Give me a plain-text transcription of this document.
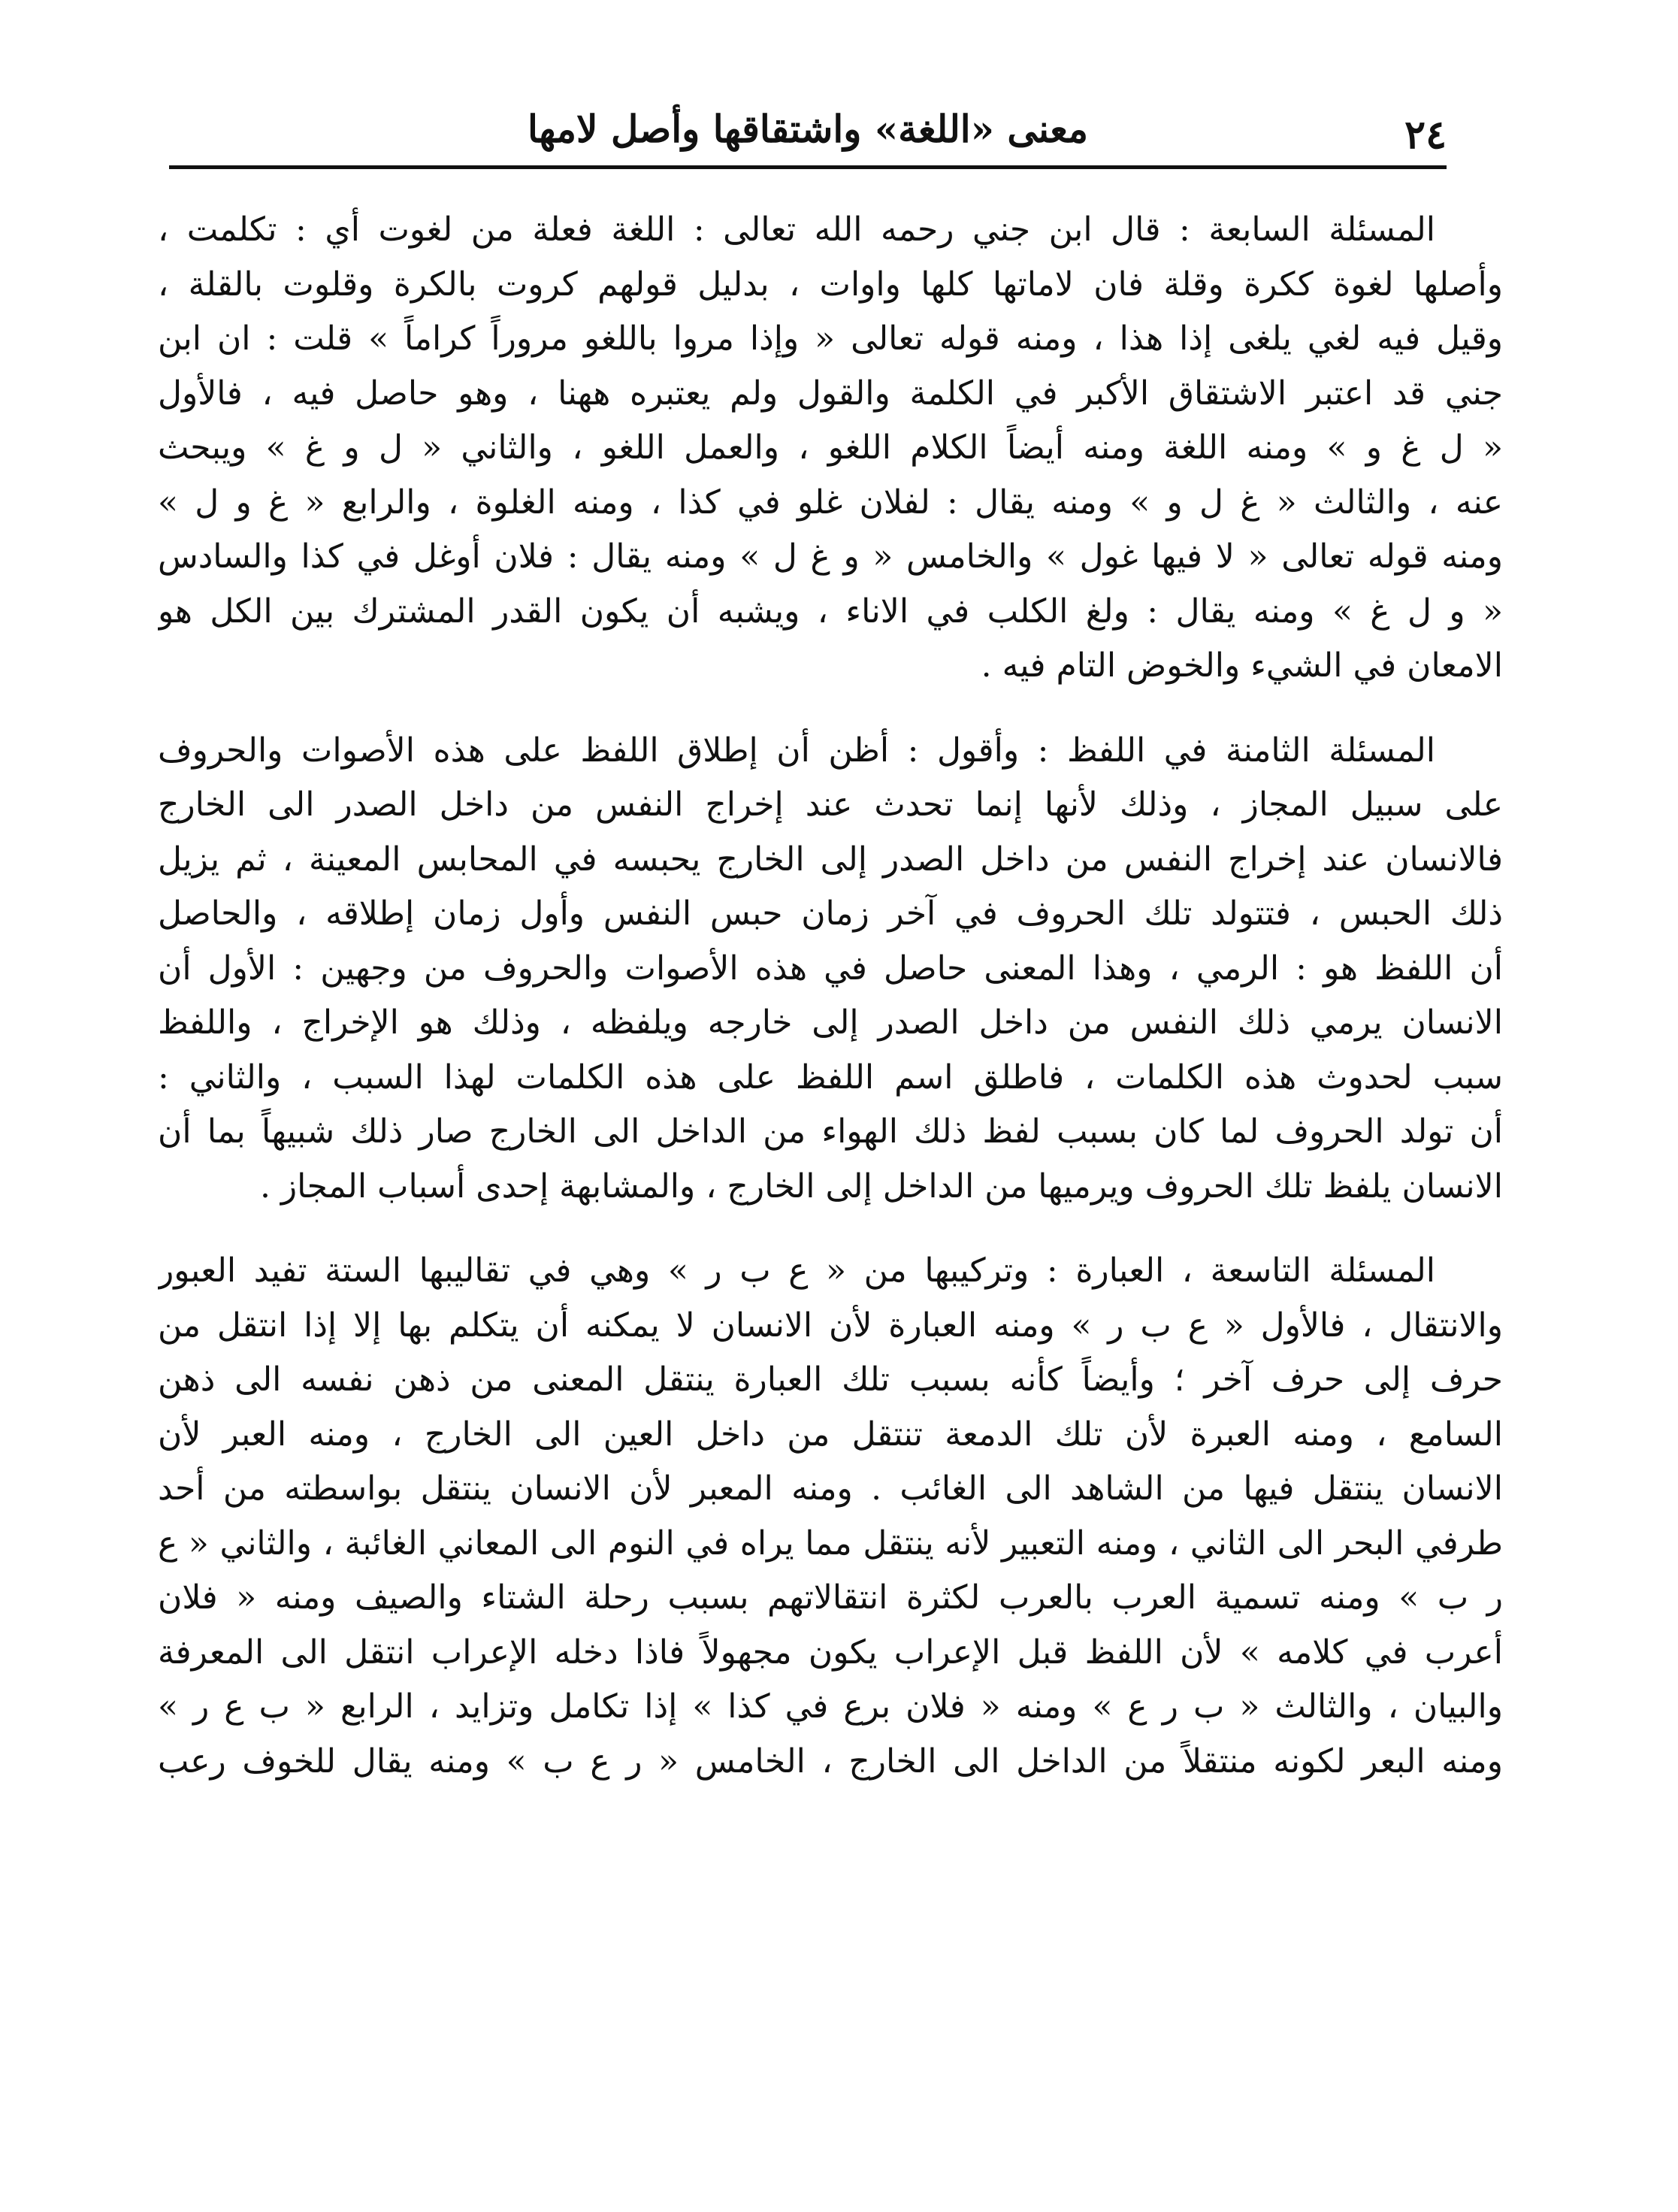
معنى «اللغة» واشتقاقها وأصل لامها	٢٤
المسئلة السابعة : قال ابن جني رحمه الله تعالى : اللغة فعلة من لغوت أي : تكلمت ،
وأصلها لغوة ككرة وقلة فان لاماتها كلها واوات ، بدليل قولهم كروت بالكرة وقلوت بالقلة ،
وقيل فيه لغي يلغى إذا هذا ، ومنه قوله تعالى « وإذا مروا باللغو مروراً كراماً » قلت : ان ابن
جني قد اعتبر الاشتقاق الأكبر في الكلمة والقول ولم يعتبره ههنا ، وهو حاصل فيه ، فالأول
« ل غ و » ومنه اللغة ومنه أيضاً الكلام اللغو ، والعمل اللغو ، والثاني « ل و غ » ويبحث
عنه ، والثالث « غ ل و » ومنه يقال : لفلان غلو في كذا ، ومنه الغلوة ، والرابع « غ و ل »
ومنه قوله تعالى « لا فيها غول » والخامس « و غ ل » ومنه يقال : فلان أوغل في كذا والسادس
« و ل غ » ومنه يقال : ولغ الكلب في الاناء ، ويشبه أن يكون القدر المشترك بين الكل هو
الامعان في الشيء والخوض التام فيه .
المسئلة الثامنة في اللفظ : وأقول : أظن أن إطلاق اللفظ على هذه الأصوات والحروف
على سبيل المجاز ، وذلك لأنها إنما تحدث عند إخراج النفس من داخل الصدر الى الخارج
فالانسان عند إخراج النفس من داخل الصدر إلى الخارج يحبسه في المحابس المعينة ، ثم يزيل
ذلك الحبس ، فتتولد تلك الحروف في آخر زمان حبس النفس وأول زمان إطلاقه ، والحاصل
أن اللفظ هو : الرمي ، وهذا المعنى حاصل في هذه الأصوات والحروف من وجهين : الأول أن
الانسان يرمي ذلك النفس من داخل الصدر إلى خارجه ويلفظه ، وذلك هو الإخراج ، واللفظ
سبب لحدوث هذه الكلمات ، فاطلق اسم اللفظ على هذه الكلمات لهذا السبب ، والثاني :
أن تولد الحروف لما كان بسبب لفظ ذلك الهواء من الداخل الى الخارج صار ذلك شبيهاً بما أن
الانسان يلفظ تلك الحروف ويرميها من الداخل إلى الخارج ، والمشابهة إحدى أسباب المجاز .
المسئلة التاسعة ، العبارة : وتركيبها من « ع ب ر » وهي في تقاليبها الستة تفيد العبور
والانتقال ، فالأول « ع ب ر » ومنه العبارة لأن الانسان لا يمكنه أن يتكلم بها إلا إذا انتقل من
حرف إلى حرف آخر ؛ وأيضاً كأنه بسبب تلك العبارة ينتقل المعنى من ذهن نفسه الى ذهن
السامع ، ومنه العبرة لأن تلك الدمعة تنتقل من داخل العين الى الخارج ، ومنه العبر لأن
الانسان ينتقل فيها من الشاهد الى الغائب . ومنه المعبر لأن الانسان ينتقل بواسطته من أحد
طرفي البحر الى الثاني ، ومنه التعبير لأنه ينتقل مما يراه في النوم الى المعاني الغائبة ، والثاني « ع
ر ب » ومنه تسمية العرب بالعرب لكثرة انتقالاتهم بسبب رحلة الشتاء والصيف ومنه « فلان
أعرب في كلامه » لأن اللفظ قبل الإعراب يكون مجهولاً فاذا دخله الإعراب انتقل الى المعرفة
والبيان ، والثالث « ب ر ع » ومنه « فلان برع في كذا » إذا تكامل وتزايد ، الرابع « ب ع ر »
ومنه البعر لكونه منتقلاً من الداخل الى الخارج ، الخامس « ر ع ب » ومنه يقال للخوف رعب
